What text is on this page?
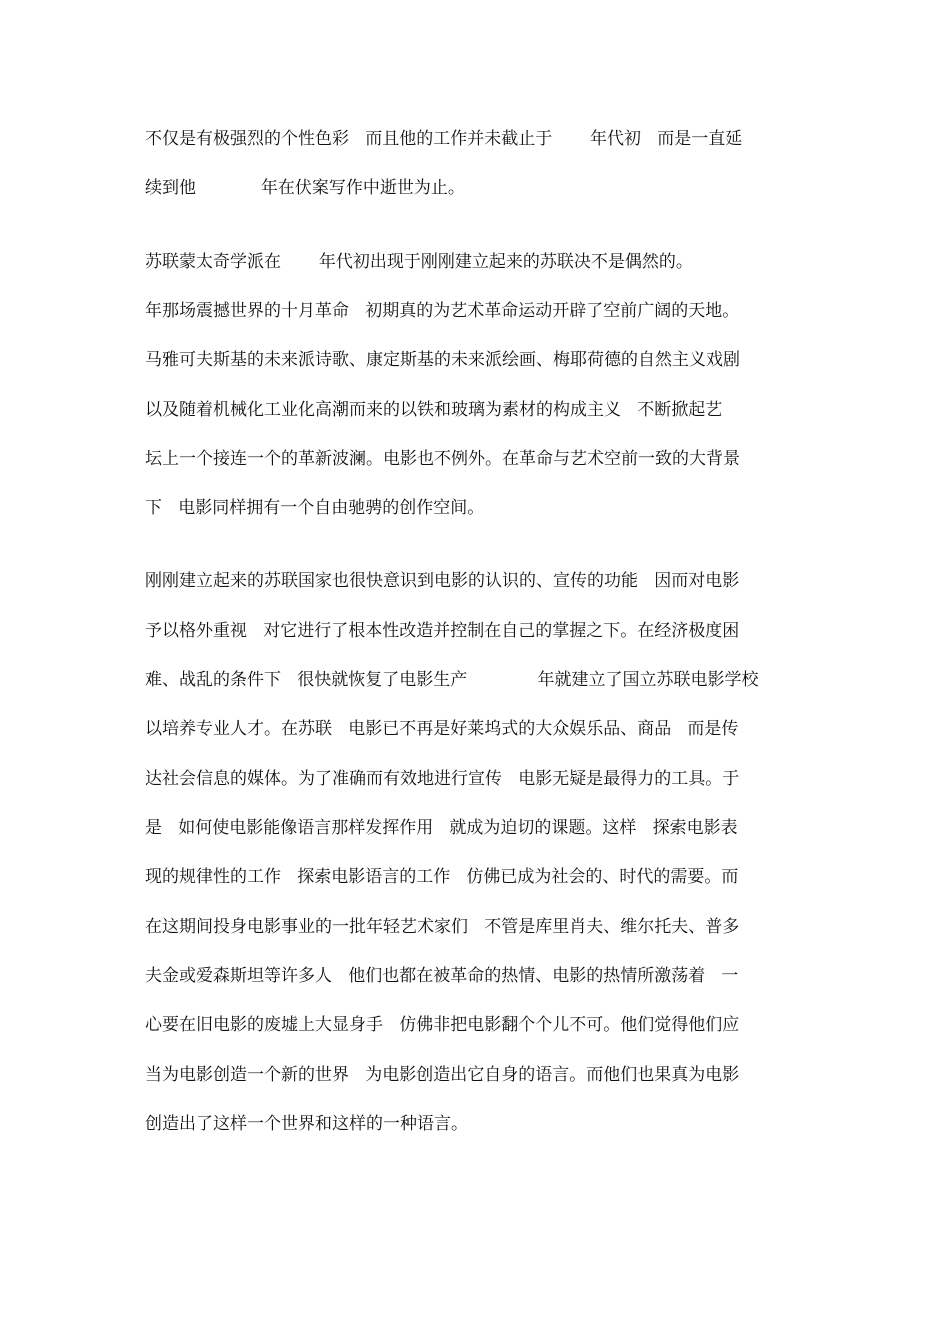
不仅是有极强烈的个性色彩   而且他的工作并未截止于       年代初   而是一直延
续到他            年在伏案写作中逝世为止。
苏联蒙太奇学派在       年代初出现于刚刚建立起来的苏联决不是偶然的。
年那场震撼世界的十月革命   初期真的为艺术革命运动开辟了空前广阔的天地。
马雅可夫斯基的未来派诗歌、康定斯基的未来派绘画、梅耶荷德的自然主义戏剧
以及随着机械化工业化高潮而来的以铁和玻璃为素材的构成主义   不断掀起艺
坛上一个接连一个的革新波澜。电影也不例外。在革命与艺术空前一致的大背景
下   电影同样拥有一个自由驰骋的创作空间。
刚刚建立起来的苏联国家也很快意识到电影的认识的、宣传的功能   因而对电影
予以格外重视   对它进行了根本性改造并控制在自己的掌握之下。在经济极度困
难、战乱的条件下   很快就恢复了电影生产             年就建立了国立苏联电影学校
以培养专业人才。在苏联   电影已不再是好莱坞式的大众娱乐品、商品   而是传
达社会信息的媒体。为了准确而有效地进行宣传   电影无疑是最得力的工具。于
是   如何使电影能像语言那样发挥作用   就成为迫切的课题。这样   探索电影表
现的规律性的工作   探索电影语言的工作   仿佛已成为社会的、时代的需要。而
在这期间投身电影事业的一批年轻艺术家们   不管是库里肖夫、维尔托夫、普多
夫金或爱森斯坦等许多人   他们也都在被革命的热情、电影的热情所激荡着   一
心要在旧电影的废墟上大显身手   仿佛非把电影翻个个儿不可。他们觉得他们应
当为电影创造一个新的世界   为电影创造出它自身的语言。而他们也果真为电影
创造出了这样一个世界和这样的一种语言。
